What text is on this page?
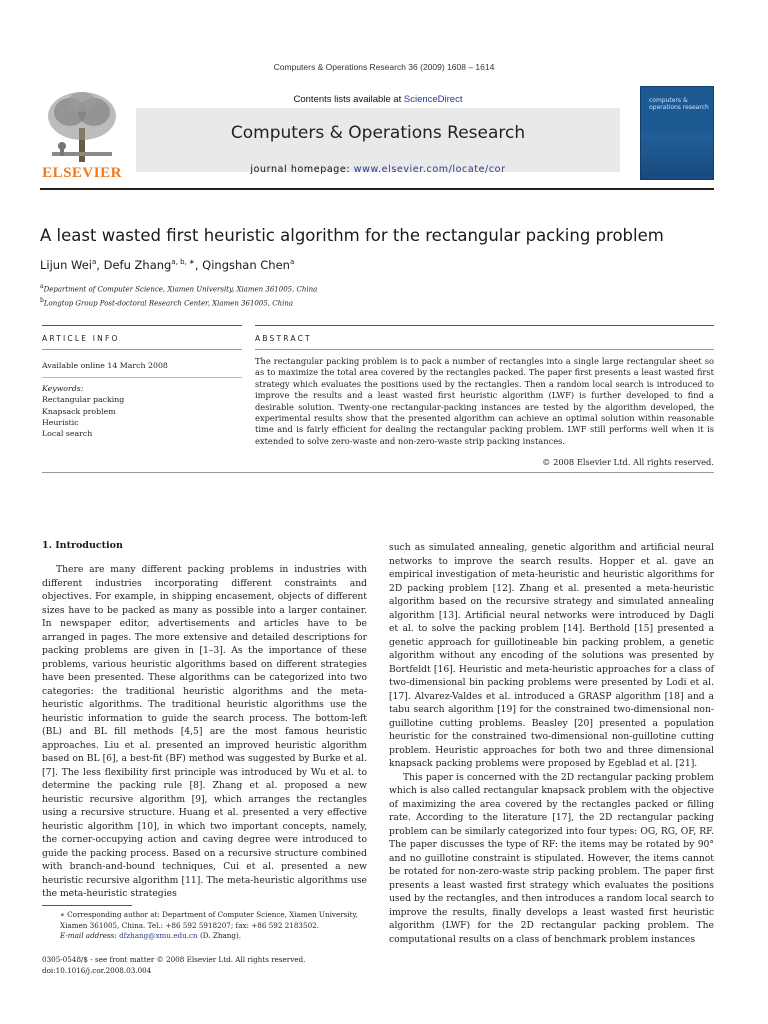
Computers & Operations Research 36 (2009) 1608 – 1614
ELSEVIER
Contents lists available at ScienceDirect
Computers & Operations Research
journal homepage: www.elsevier.com/locate/cor
computers & operations research
A least wasted first heuristic algorithm for the rectangular packing problem
Lijun Wei$^a$, Defu Zhang$^{a, b, ∗}$, Qingshan Chen$^a$
$^a$Department of Computer Science, Xiamen University, Xiamen 361005, China
$^b$Longtop Group Post-doctoral Research Center, Xiamen 361005, China
ARTICLE INFO	ABSTRACT
Available online 14 March 2008
Keywords:
Rectangular packing
Knapsack problem
Heuristic
Local search
The rectangular packing problem is to pack a number of rectangles into a single large rectangular sheet so as to maximize the total area covered by the rectangles packed. The paper first presents a least wasted first strategy which evaluates the positions used by the rectangles. Then a random local search is introduced to improve the results and a least wasted first heuristic algorithm (LWF) is further developed to find a desirable solution. Twenty-one rectangular-packing instances are tested by the algorithm developed, the experimental results show that the presented algorithm can achieve an optimal solution within reasonable time and is fairly efficient for dealing the rectangular packing problem. LWF still performs well when it is extended to solve zero-waste and non-zero-waste strip packing instances.
© 2008 Elsevier Ltd. All rights reserved.
1. Introduction

There are many different packing problems in industries with different industries incorporating different constraints and objectives. For example, in shipping encasement, objects of different sizes have to be packed as many as possible into a larger container. In newspaper editor, advertisements and articles have to be arranged in pages. The more extensive and detailed descriptions for packing problems are given in [1–3]. As the importance of these problems, various heuristic algorithms based on different strategies have been presented. These algorithms can be categorized into two categories: the traditional heuristic algorithms and the meta-heuristic algorithms. The traditional heuristic algorithms use the heuristic information to guide the search process. The bottom-left (BL) and BL fill methods [4,5] are the most famous heuristic approaches. Liu et al. presented an improved heuristic algorithm based on BL [6], a best-fit (BF) method was suggested by Burke et al. [7]. The less flexibility first principle was introduced by Wu et al. to determine the packing rule [8]. Zhang et al. proposed a new heuristic recursive algorithm [9], which arranges the rectangles using a recursive structure. Huang et al. presented a very effective heuristic algorithm [10], in which two important concepts, namely, the corner-occupying action and caving degree were introduced to guide the packing process. Based on a recursive structure combined with branch-and-bound techniques, Cui et al. presented a new heuristic recursive algorithm [11]. The meta-heuristic algorithms use the meta-heuristic strategies

such as simulated annealing, genetic algorithm and artificial neural networks to improve the search results. Hopper et al. gave an empirical investigation of meta-heuristic and heuristic algorithms for 2D packing problem [12]. Zhang et al. presented a meta-heuristic algorithm based on the recursive strategy and simulated annealing algorithm [13]. Artificial neural networks were introduced by Dagli et al. to solve the packing problem [14]. Berthold [15] presented a genetic approach for guillotineable bin packing problem, a genetic algorithm without any encoding of the solutions was presented by Bortfeldt [16]. Heuristic and meta-heuristic approaches for a class of two-dimensional bin packing problems were presented by Lodi et al. [17]. Alvarez-Valdes et al. introduced a GRASP algorithm [18] and a tabu search algorithm [19] for the constrained two-dimensional non-guillotine cutting problems. Beasley [20] presented a population heuristic for the constrained two-dimensional non-guillotine cutting problem. Heuristic approaches for both two and three dimensional knapsack packing problems were proposed by Egeblad et al. [21].

This paper is concerned with the 2D rectangular packing problem which is also called rectangular knapsack problem with the objective of maximizing the area covered by the rectangles packed or filling rate. According to the literature [17], the 2D rectangular packing problem can be similarly categorized into four types: OG, RG, OF, RF. The paper discusses the type of RF: the items may be rotated by 90° and no guillotine constraint is stipulated. However, the items cannot be rotated for non-zero-waste strip packing problem. The paper first presents a least wasted first strategy which evaluates the positions used by the rectangles, and then introduces a random local search to improve the results, finally develops a least wasted first heuristic algorithm (LWF) for the 2D rectangular packing problem. The computational results on a class of benchmark problem instances

∗ Corresponding author at: Department of Computer Science, Xiamen University, Xiamen 361005, China. Tel.: +86 592 5918207; fax: +86 592 2183502.
E-mail address: dfzhang@xmu.edu.cn (D. Zhang).
0305-0548/$ - see front matter © 2008 Elsevier Ltd. All rights reserved.
doi:10.1016/j.cor.2008.03.004
